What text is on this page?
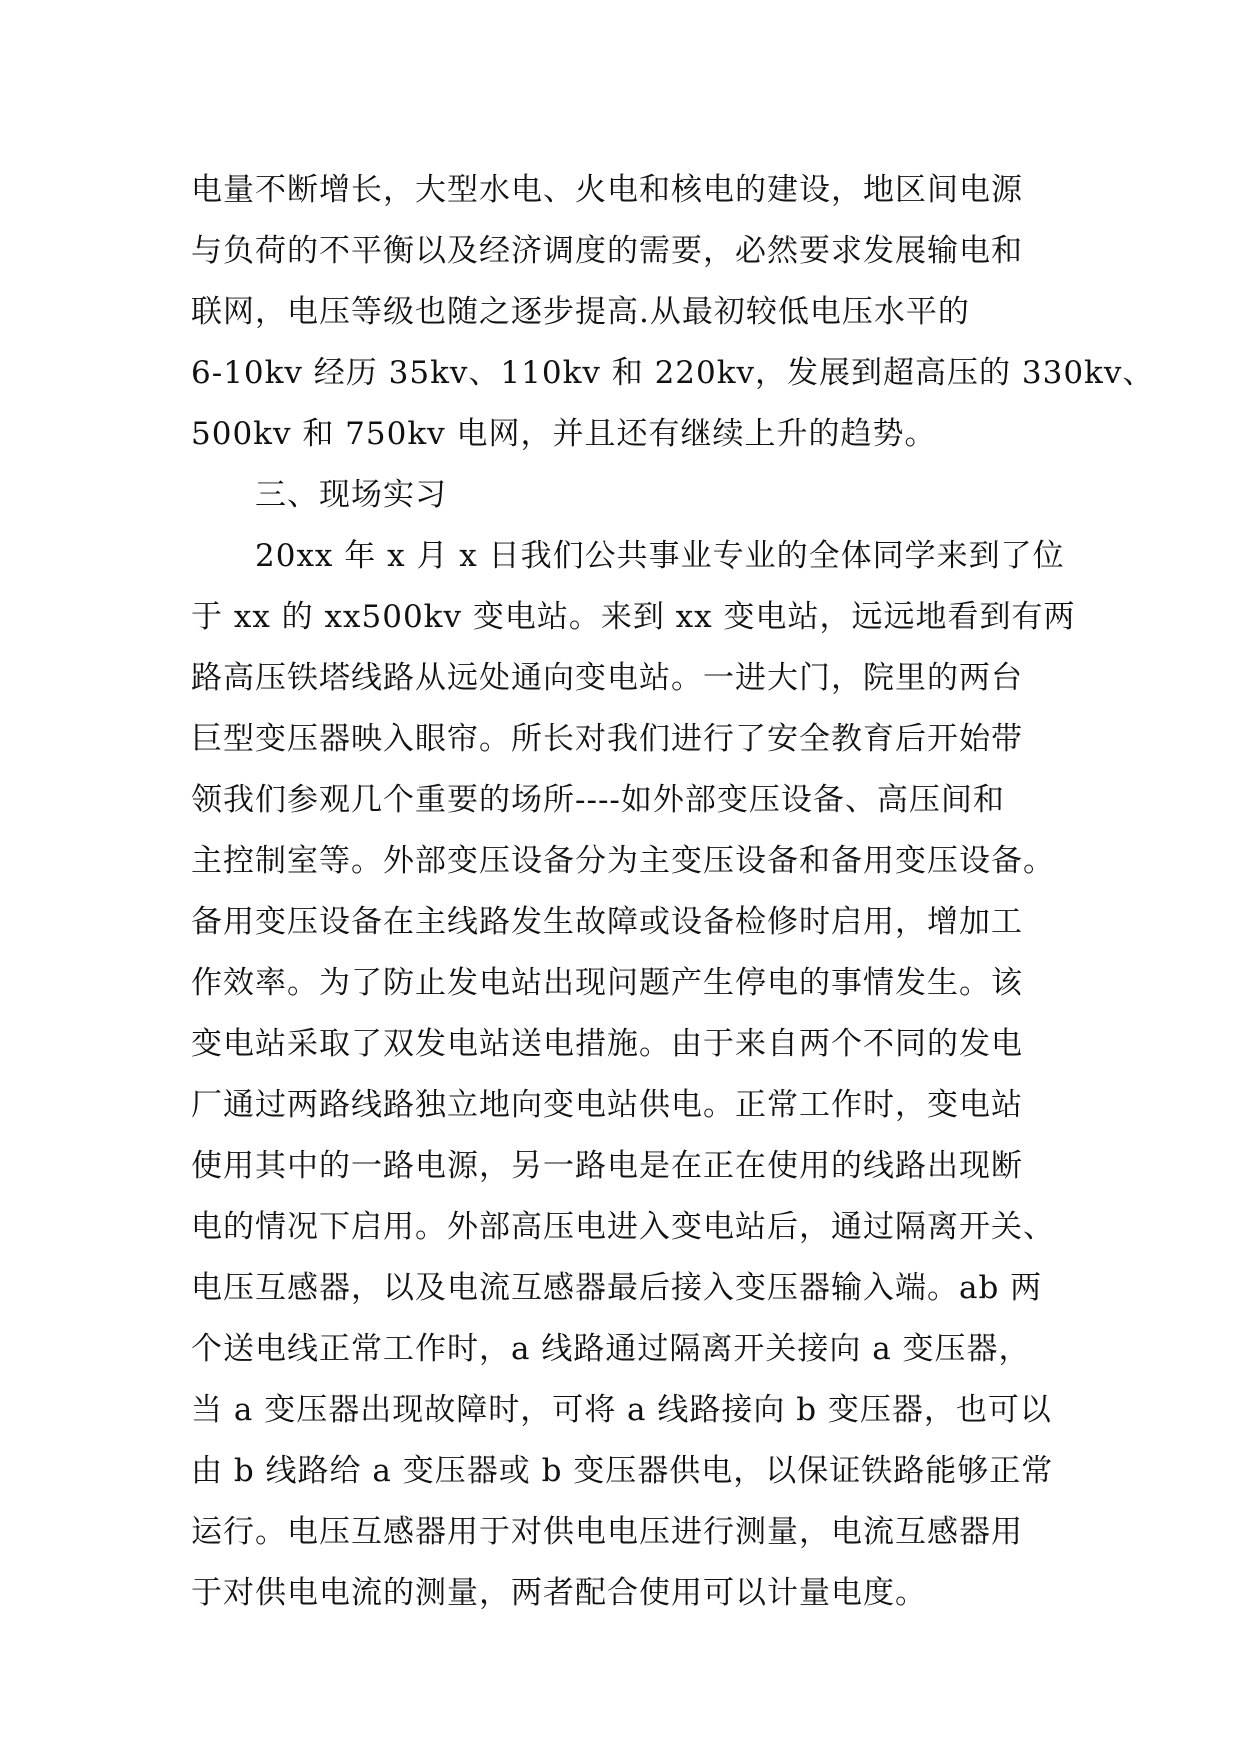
电量不断增长，大型水电、火电和核电的建设，地区间电源
与负荷的不平衡以及经济调度的需要，必然要求发展输电和
联网，电压等级也随之逐步提高.从最初较低电压水平的
6-10kv 经历 35kv、110kv 和 220kv，发展到超高压的 330kv、
500kv 和 750kv 电网，并且还有继续上升的趋势。
三、现场实习
20xx 年 x 月 x 日我们公共事业专业的全体同学来到了位
于 xx 的 xx500kv 变电站。来到 xx 变电站，远远地看到有两
路高压铁塔线路从远处通向变电站。一进大门，院里的两台
巨型变压器映入眼帘。所长对我们进行了安全教育后开始带
领我们参观几个重要的场所----如外部变压设备、高压间和
主控制室等。外部变压设备分为主变压设备和备用变压设备。
备用变压设备在主线路发生故障或设备检修时启用，增加工
作效率。为了防止发电站出现问题产生停电的事情发生。该
变电站采取了双发电站送电措施。由于来自两个不同的发电
厂通过两路线路独立地向变电站供电。正常工作时，变电站
使用其中的一路电源，另一路电是在正在使用的线路出现断
电的情况下启用。外部高压电进入变电站后，通过隔离开关、
电压互感器，以及电流互感器最后接入变压器输入端。ab 两
个送电线正常工作时，a 线路通过隔离开关接向 a 变压器，
当 a 变压器出现故障时，可将 a 线路接向 b 变压器，也可以
由 b 线路给 a 变压器或 b 变压器供电，以保证铁路能够正常
运行。电压互感器用于对供电电压进行测量，电流互感器用
于对供电电流的测量，两者配合使用可以计量电度。
